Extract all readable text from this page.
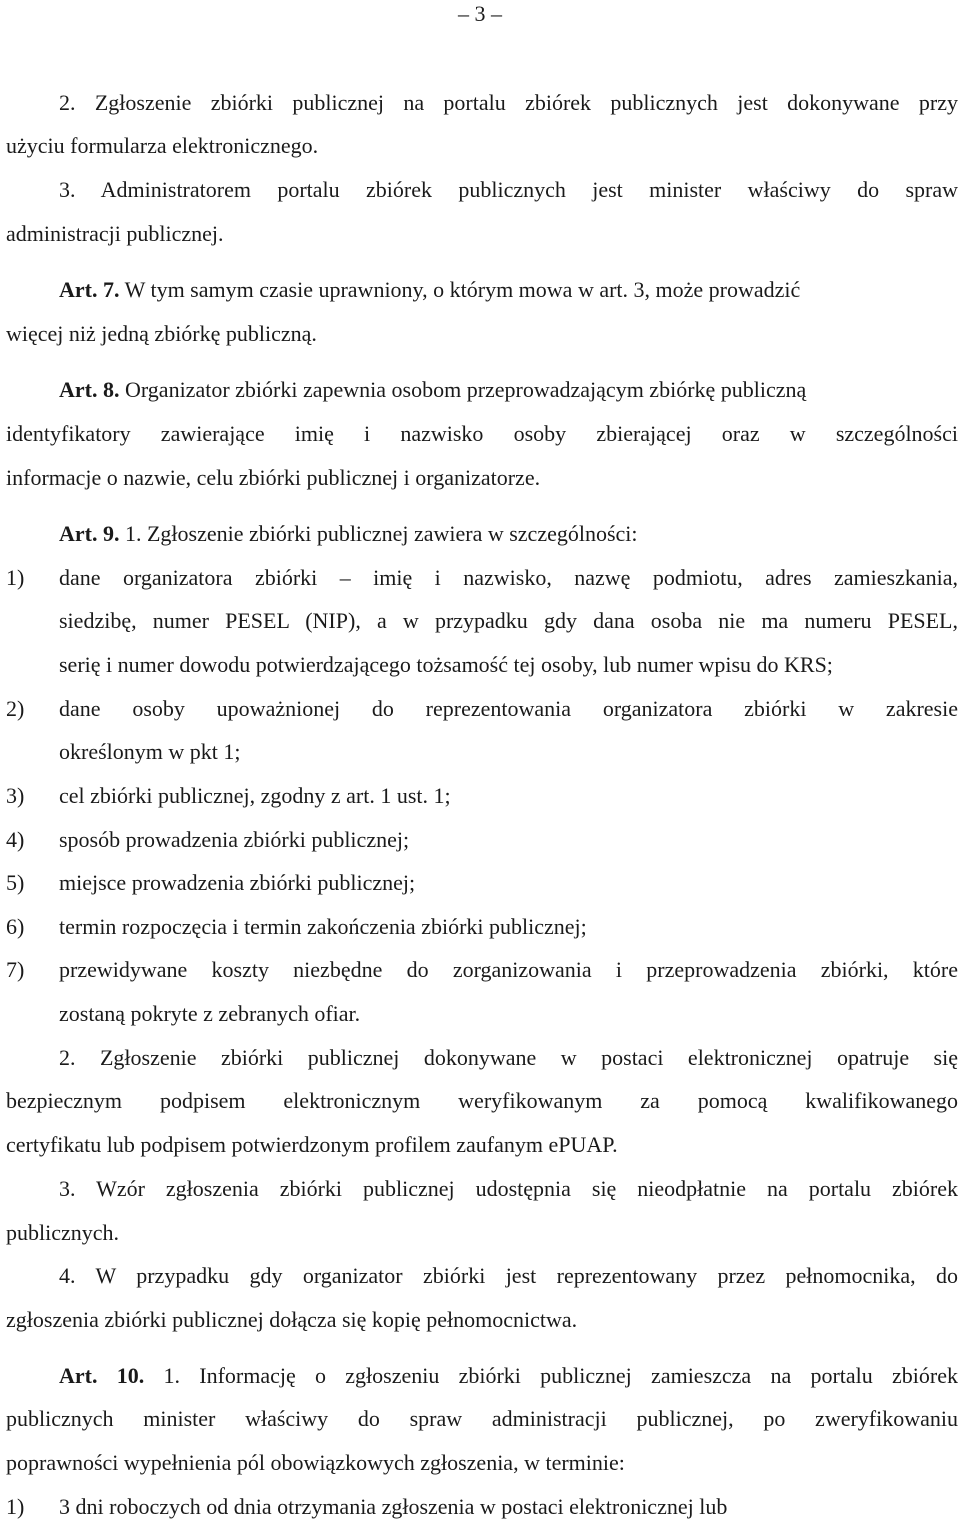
– 3 –
2. Zgłoszenie zbiórki publicznej na portalu zbiórek publicznych jest dokonywane przy
użyciu formularza elektronicznego.
3. Administratorem portalu zbiórek publicznych jest minister właściwy do spraw
administracji publicznej.
Art. 7. W tym samym czasie uprawniony, o którym mowa w art. 3, może prowadzić
więcej niż jedną zbiórkę publiczną.
Art. 8. Organizator zbiórki zapewnia osobom przeprowadzającym zbiórkę publiczną
identyfikatory zawierające imię i nazwisko osoby zbierającej oraz w szczególności
informacje o nazwie, celu zbiórki publicznej i organizatorze.
Art. 9. 1. Zgłoszenie zbiórki publicznej zawiera w szczególności:
1) dane organizatora zbiórki – imię i nazwisko, nazwę podmiotu, adres zamieszkania,
siedzibę, numer PESEL (NIP), a w przypadku gdy dana osoba nie ma numeru PESEL,
serię i numer dowodu potwierdzającego tożsamość tej osoby, lub numer wpisu do KRS;
2) dane osoby upoważnionej do reprezentowania organizatora zbiórki w zakresie
określonym w pkt 1;
3) cel zbiórki publicznej, zgodny z art. 1 ust. 1;
4) sposób prowadzenia zbiórki publicznej;
5) miejsce prowadzenia zbiórki publicznej;
6) termin rozpoczęcia i termin zakończenia zbiórki publicznej;
7) przewidywane koszty niezbędne do zorganizowania i przeprowadzenia zbiórki, które
zostaną pokryte z zebranych ofiar.
2. Zgłoszenie zbiórki publicznej dokonywane w postaci elektronicznej opatruje się
bezpiecznym podpisem elektronicznym weryfikowanym za pomocą kwalifikowanego
certyfikatu lub podpisem potwierdzonym profilem zaufanym ePUAP.
3. Wzór zgłoszenia zbiórki publicznej udostępnia się nieodpłatnie na portalu zbiórek
publicznych.
4. W przypadku gdy organizator zbiórki jest reprezentowany przez pełnomocnika, do
zgłoszenia zbiórki publicznej dołącza się kopię pełnomocnictwa.
Art. 10. 1. Informację o zgłoszeniu zbiórki publicznej zamieszcza na portalu zbiórek
publicznych minister właściwy do spraw administracji publicznej, po zweryfikowaniu
poprawności wypełnienia pól obowiązkowych zgłoszenia, w terminie:
1) 3 dni roboczych od dnia otrzymania zgłoszenia w postaci elektronicznej lub
